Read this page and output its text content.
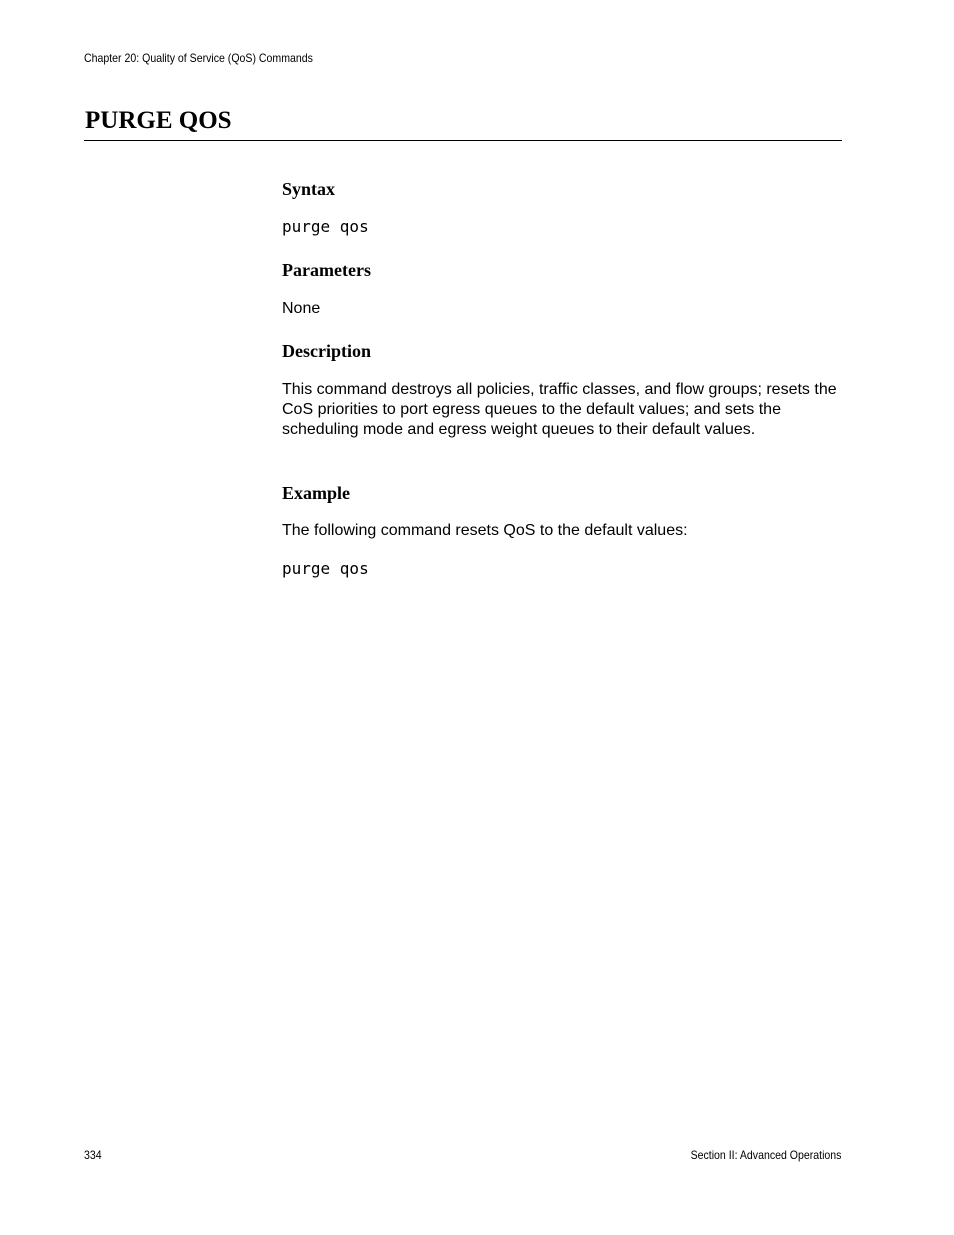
Chapter 20: Quality of Service (QoS) Commands
PURGE QOS
Syntax
purge qos
Parameters
None
Description
This command destroys all policies, traffic classes, and flow groups; resets the CoS priorities to port egress queues to the default values; and sets the scheduling mode and egress weight queues to their default values.
Example
The following command resets QoS to the default values:
purge qos
334	Section II: Advanced Operations
